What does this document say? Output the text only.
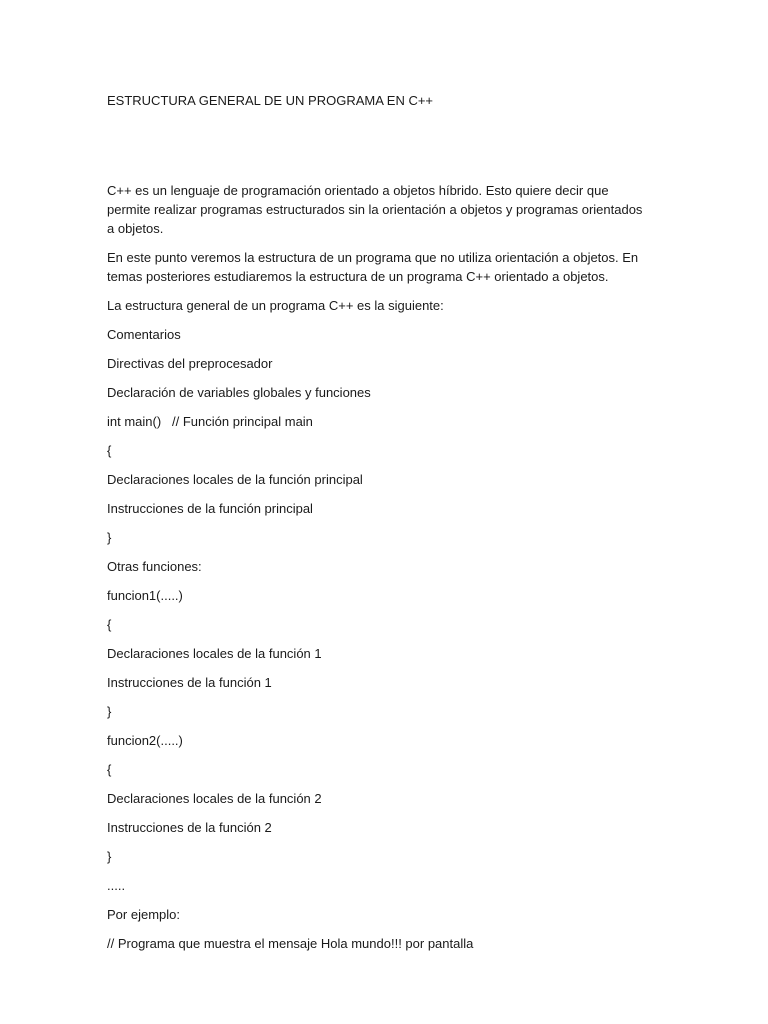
ESTRUCTURA GENERAL DE UN PROGRAMA EN C++

C++ es un lenguaje de programación orientado a objetos híbrido. Esto quiere decir que permite realizar programas estructurados sin la orientación a objetos y programas orientados a objetos.

En este punto veremos la estructura de un programa que no utiliza orientación a objetos. En temas posteriores estudiaremos la estructura de un programa C++ orientado a objetos.

La estructura general de un programa C++ es la siguiente:

Comentarios

Directivas del preprocesador

Declaración de variables globales y funciones

int main()   // Función principal main

{

Declaraciones locales de la función principal

Instrucciones de la función principal

}

Otras funciones:

funcion1(.....)

{

Declaraciones locales de la función 1

Instrucciones de la función 1

}

funcion2(.....)

{

Declaraciones locales de la función 2

Instrucciones de la función 2

}

.....

Por ejemplo:

// Programa que muestra el mensaje Hola mundo!!! por pantalla
